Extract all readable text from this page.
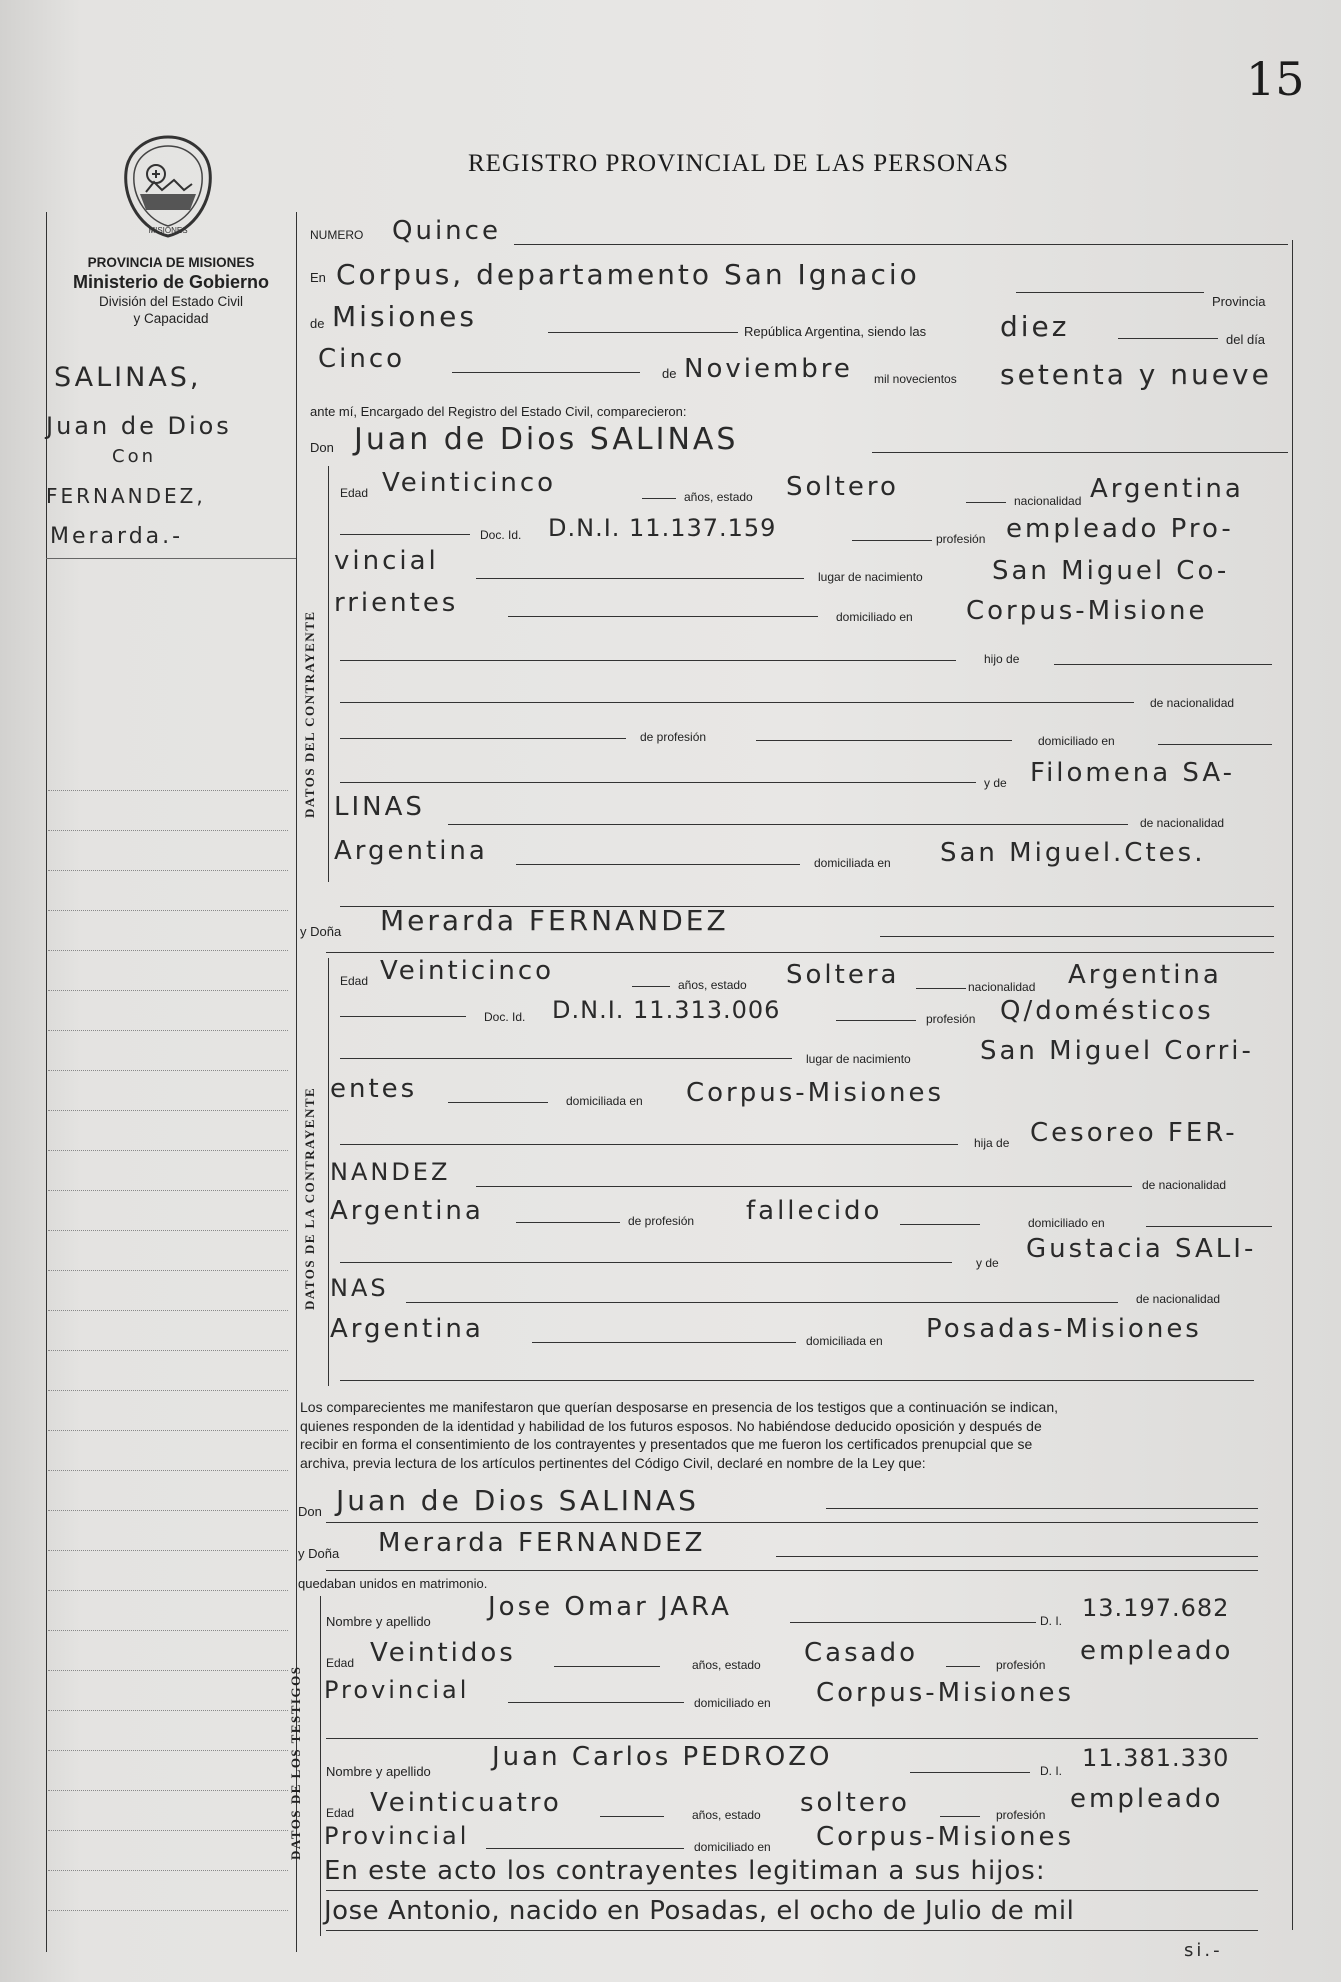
15
REGISTRO PROVINCIAL DE LAS PERSONAS
MISIONES
PROVINCIA DE MISIONES
Ministerio de Gobierno
División del Estado Civil
y Capacidad
SALINAS,
Juan de Dios
Con
FERNANDEZ,
Merarda.-
NUMERO Quince
En Corpus, departamento San Ignacio
Provincia
de Misiones	República Argentina, siendo las	diez	del día
Cinco	de Noviembre mil novecientos setenta y nueve
ante mí, Encargado del Registro del Estado Civil, comparecieron:
Don Juan de Dios SALINAS
DATOS DEL CONTRAYENTE
Edad Veinticinco	años, estado Soltero	nacionalidad Argentina
Doc. Id. D.N.I. 11.137.159	profesión empleado Pro-
vincial
lugar de nacimiento	San Miguel Co-
rrientes	domiciliado en Corpus-Misione
hijo de
de nacionalidad
de profesión	domiciliado en
y de Filomena SA-
LINAS
de nacionalidad
Argentina	domiciliada en San Miguel.Ctes.
y Doña Merarda FERNANDEZ
DATOS DE LA CONTRAYENTE
Edad Veinticinco	años, estado Soltera	nacionalidad Argentina
Doc. Id. D.N.I. 11.313.006	profesión Q/domésticos
lugar de nacimiento	San Miguel Corri-
entes	domiciliada en Corpus-Misiones
hija de Cesoreo FER-
NANDEZ	de nacionalidad
Argentina	de profesión fallecido	domiciliado en
y de Gustacia SALI-
NAS	de nacionalidad
Argentina	domiciliada en Posadas-Misiones
Los comparecientes me manifestaron que querían desposarse en presencia de los testigos que a continuación se indican,
quienes responden de la identidad y habilidad de los futuros esposos. No habiéndose deducido oposición y después de
recibir en forma el consentimiento de los contrayentes y presentados que me fueron los certificados prenupcial que se
archiva, previa lectura de los artículos pertinentes del Código Civil, declaré en nombre de la Ley que:
Don Juan de Dios SALINAS
y Doña Merarda FERNANDEZ
quedaban unidos en matrimonio.
DATOS DE LOS TESTIGOS
Nombre y apellido Jose Omar JARA	D. I. 13.197.682
Edad Veintidos	años, estado Casado	profesión empleado
Provincial	domiciliado en Corpus-Misiones
Nombre y apellido Juan Carlos PEDROZO	D. I. 11.381.330
Edad Veinticuatro	años, estado soltero	profesión
empleado
Provincial	domiciliado en Corpus-Misiones
En este acto los contrayentes legitiman a sus hijos:
Jose Antonio, nacido en Posadas, el ocho de Julio de mil
si.-
